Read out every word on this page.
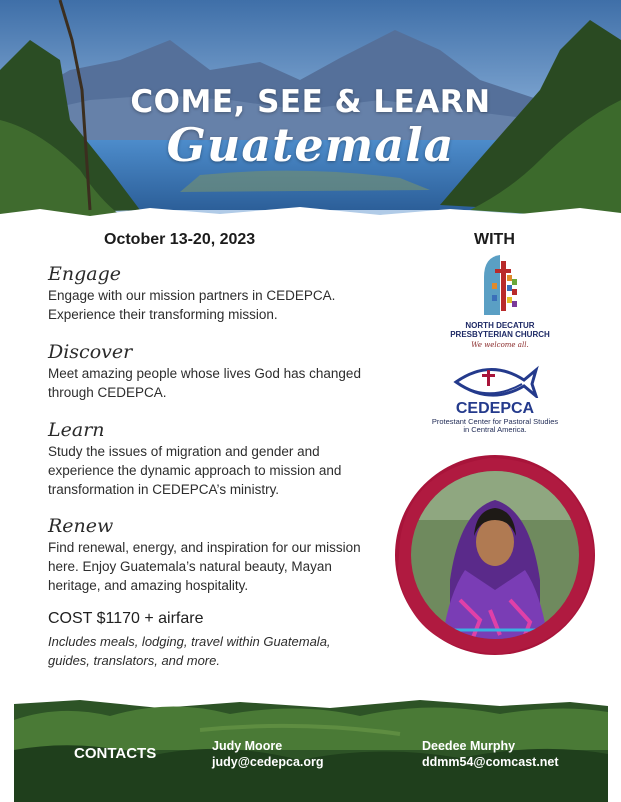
COME, SEE & LEARN
Guatemala
October 13-20, 2023	WITH
Engage
Engage with our mission partners in CEDEPCA. Experience their transforming mission.
Discover
Meet amazing people whose lives God has changed through CEDEPCA.
Learn
Study the issues of migration and gender and experience the dynamic approach to mission and transformation in CEDEPCA’s ministry.
Renew
Find renewal, energy, and inspiration for our mission here. Enjoy Guatemala’s natural beauty, Mayan heritage, and amazing hospitality.
COST $1170 + airfare
Includes meals, lodging, travel within Guatemala, guides, translators, and more.
NORTH DECATUR PRESBYTERIAN CHURCH
We welcome all.
CEDEPCA
Protestant Center for Pastoral Studies in Central America.
CONTACTS	Judy Moore
judy@cedepca.org
Deedee Murphy
ddmm54@comcast.net
